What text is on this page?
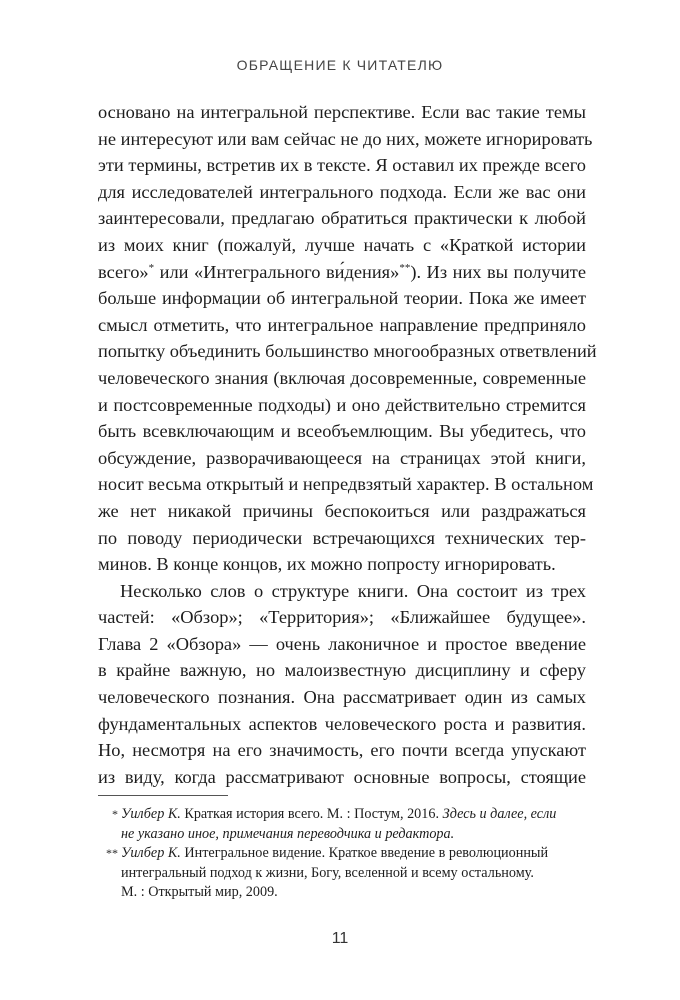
ОБРАЩЕНИЕ К ЧИТАТЕЛЮ
основано на интегральной перспективе. Если вас такие темы
не интересуют или вам сейчас не до них, можете игнорировать
эти термины, встретив их в тексте. Я оставил их прежде всего
для исследователей интегрального подхода. Если же вас они
заинтересовали, предлагаю обратиться практически к любой
из моих книг (пожалуй, лучше начать с «Краткой истории
всего»* или «Интегрального ви́дения»**). Из них вы получите
больше информации об интегральной теории. Пока же имеет
смысл отметить, что интегральное направление предприняло
попытку объединить большинство многообразных ответвлений
человеческого знания (включая досовременные, современные
и постсовременные подходы) и оно действительно стремится
быть всевключающим и всеобъемлющим. Вы убедитесь, что
обсуждение, разворачивающееся на страницах этой книги,
носит весьма открытый и непредвзятый характер. В остальном
же нет никакой причины беспокоиться или раздражаться
по поводу периодически встречающихся технических тер-
минов. В конце концов, их можно попросту игнорировать.
Несколько слов о структуре книги. Она состоит из трех
частей: «Обзор»; «Территория»; «Ближайшее будущее».
Глава 2 «Обзора» — очень лаконичное и простое введение
в крайне важную, но малоизвестную дисциплину и сферу
человеческого познания. Она рассматривает один из самых
фундаментальных аспектов человеческого роста и развития.
Но, несмотря на его значимость, его почти всегда упускают
из виду, когда рассматривают основные вопросы, стоящие
* Уилбер К. Краткая история всего. М. : Постум, 2016. Здесь и далее, если
не указано иное, примечания переводчика и редактора.
** Уилбер К. Интегральное видение. Краткое введение в революционный
интегральный подход к жизни, Богу, вселенной и всему остальному.
М. : Открытый мир, 2009.
11
